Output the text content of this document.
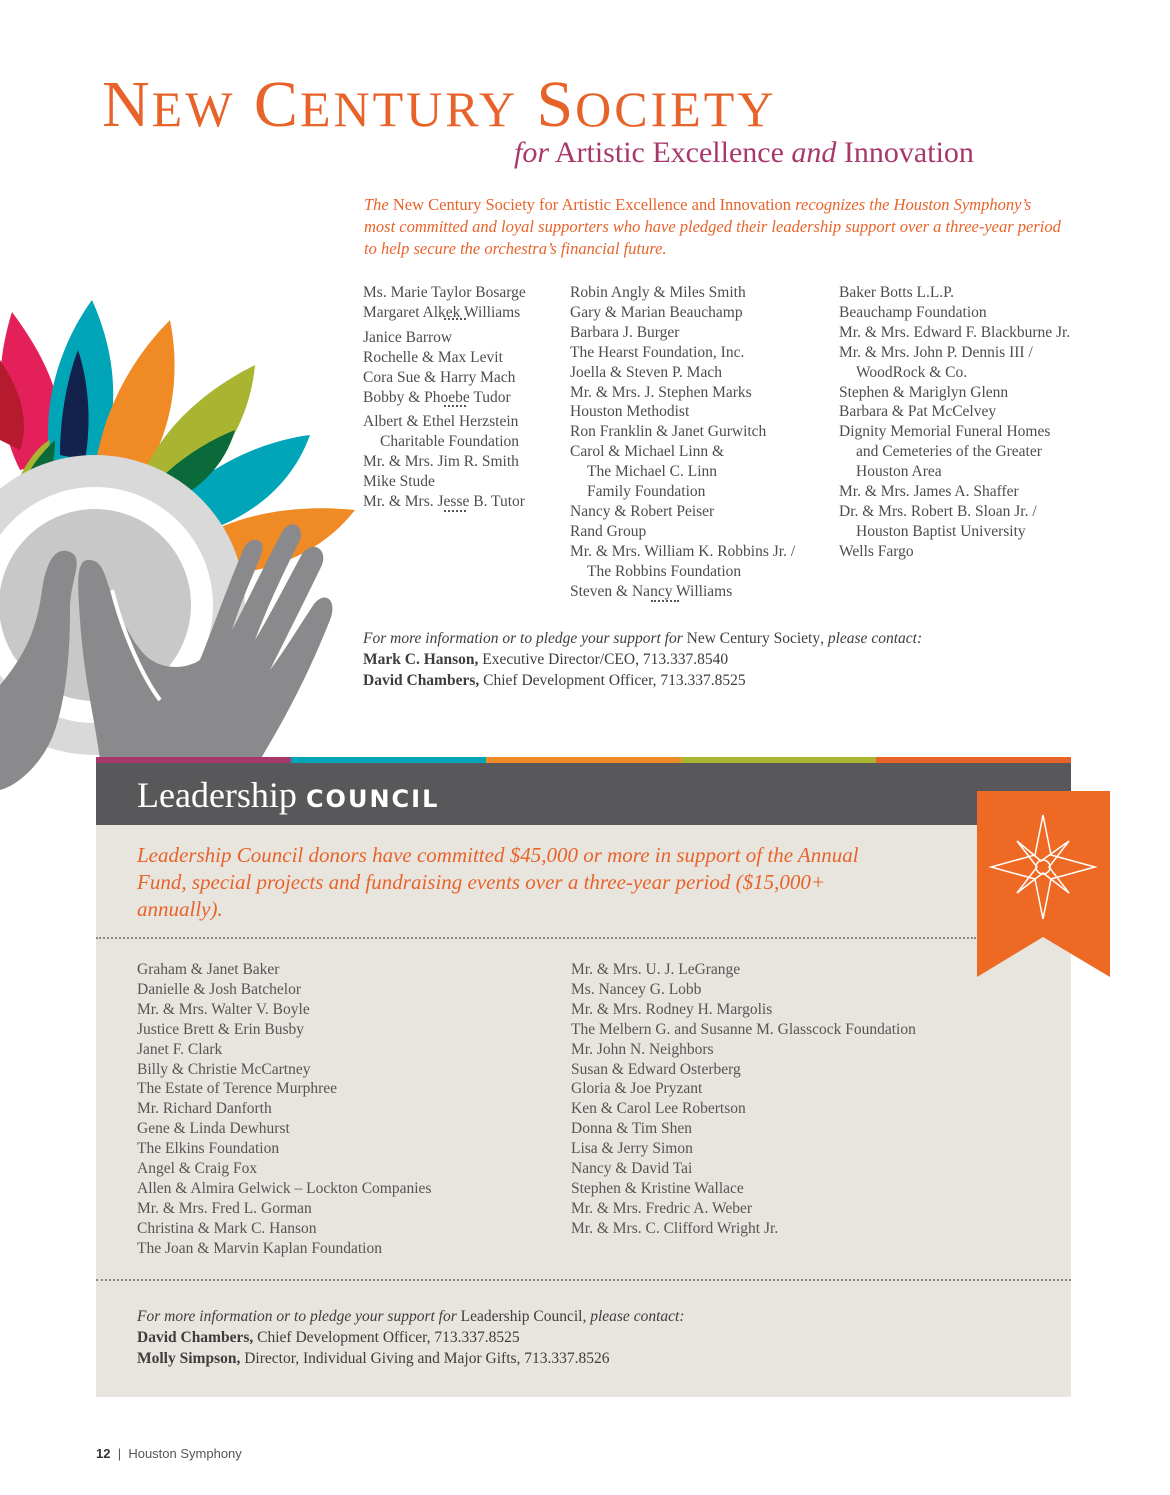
NEW CENTURY SOCIETY
for Artistic Excellence and Innovation
The New Century Society for Artistic Excellence and Innovation recognizes the Houston Symphony’s most committed and loyal supporters who have pledged their leadership support over a three-year period to help secure the orchestra’s financial future.
Ms. Marie Taylor Bosarge
Margaret Alkek Williams
Janice Barrow
Rochelle & Max Levit
Cora Sue & Harry Mach
Bobby & Phoebe Tudor
Albert & Ethel Herzstein
Charitable Foundation
Mr. & Mrs. Jim R. Smith
Mike Stude
Mr. & Mrs. Jesse B. Tutor
Robin Angly & Miles Smith
Gary & Marian Beauchamp
Barbara J. Burger
The Hearst Foundation, Inc.
Joella & Steven P. Mach
Mr. & Mrs. J. Stephen Marks
Houston Methodist
Ron Franklin & Janet Gurwitch
Carol & Michael Linn &
The Michael C. Linn
Family Foundation
Nancy & Robert Peiser
Rand Group
Mr. & Mrs. William K. Robbins Jr. /
The Robbins Foundation
Steven & Nancy Williams
Baker Botts L.L.P.
Beauchamp Foundation
Mr. & Mrs. Edward F. Blackburne Jr.
Mr. & Mrs. John P. Dennis III /
WoodRock & Co.
Stephen & Mariglyn Glenn
Barbara & Pat McCelvey
Dignity Memorial Funeral Homes
and Cemeteries of the Greater
Houston Area
Mr. & Mrs. James A. Shaffer
Dr. & Mrs. Robert B. Sloan Jr. /
Houston Baptist University
Wells Fargo
For more information or to pledge your support for New Century Society, please contact:
Mark C. Hanson, Executive Director/CEO, 713.337.8540
David Chambers, Chief Development Officer, 713.337.8525
Leadership COUNCIL
Leadership Council donors have committed $45,000 or more in support of the Annual Fund, special projects and fundraising events over a three-year period ($15,000+ annually).
Graham & Janet Baker
Danielle & Josh Batchelor
Mr. & Mrs. Walter V. Boyle
Justice Brett & Erin Busby
Janet F. Clark
Billy & Christie McCartney
The Estate of Terence Murphree
Mr. Richard Danforth
Gene & Linda Dewhurst
The Elkins Foundation
Angel & Craig Fox
Allen & Almira Gelwick – Lockton Companies
Mr. & Mrs. Fred L. Gorman
Christina & Mark C. Hanson
The Joan & Marvin Kaplan Foundation
Mr. & Mrs. U. J. LeGrange
Ms. Nancey G. Lobb
Mr. & Mrs. Rodney H. Margolis
The Melbern G. and Susanne M. Glasscock Foundation
Mr. John N. Neighbors
Susan & Edward Osterberg
Gloria & Joe Pryzant
Ken & Carol Lee Robertson
Donna & Tim Shen
Lisa & Jerry Simon
Nancy & David Tai
Stephen & Kristine Wallace
Mr. & Mrs. Fredric A. Weber
Mr. & Mrs. C. Clifford Wright Jr.
For more information or to pledge your support for Leadership Council, please contact:
David Chambers, Chief Development Officer, 713.337.8525
Molly Simpson, Director, Individual Giving and Major Gifts, 713.337.8526
12 | Houston Symphony
